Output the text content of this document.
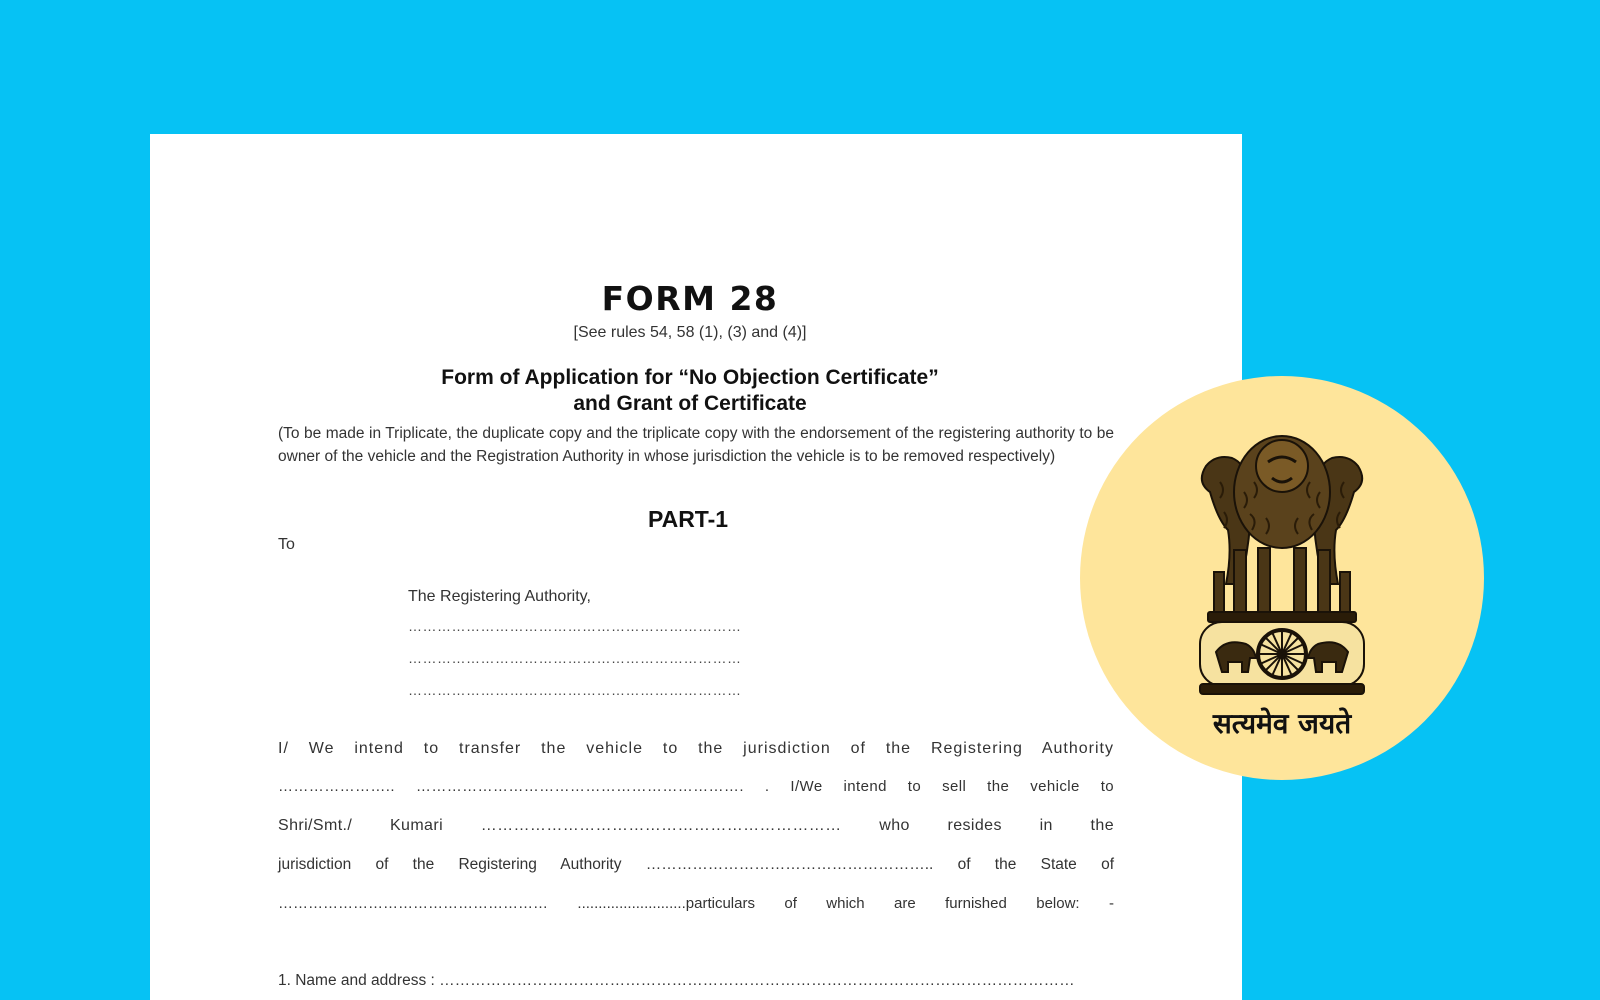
FORM 28
[See rules 54, 58 (1), (3) and (4)]
Form of Application for “No Objection Certificate”
and Grant of Certificate
(To be made in Triplicate, the duplicate copy and the triplicate copy with the endorsement of the registering authority to be owner of the vehicle and the Registration Authority in whose jurisdiction the vehicle is to be removed respectively)
PART-1
To
The Registering Authority,
……………………………………………………………
……………………………………………………………
……………………………………………………………
I/ We intend to transfer the vehicle to the jurisdiction of the Registering Authority
………………….. ………………………………………………………. . I/We intend to sell the vehicle to
Shri/Smt./ Kumari ………………………………………………………… who resides in the
jurisdiction of the Registering Authority ……………………………………………….. of the State of
……………………………………………… ..........................particulars of which are furnished below: -
1. Name and address : ……………………………………………………………………………………………………………
सत्यमेव जयते
